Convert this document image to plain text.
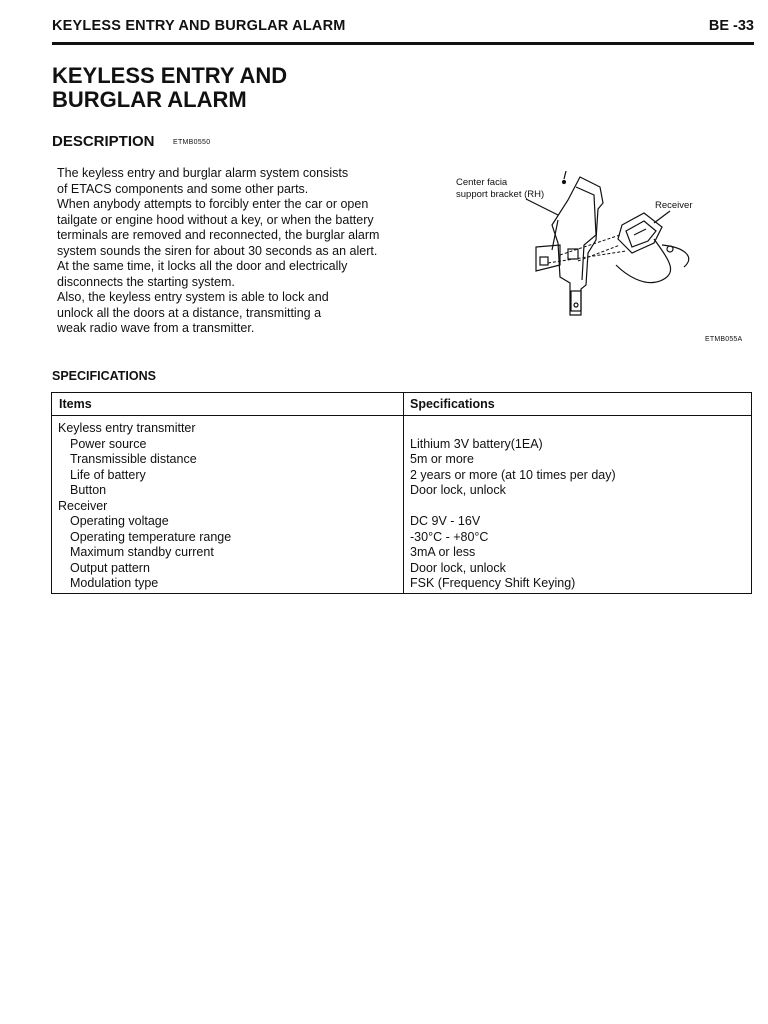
KEYLESS ENTRY AND BURGLAR ALARM	BE -33
KEYLESS ENTRY AND
BURGLAR ALARM
DESCRIPTION	ETMB0550
The keyless entry and burglar alarm system consists
of ETACS components and some other parts.
When anybody attempts to forcibly enter the car or open
tailgate or engine hood without a key, or when the battery
terminals are removed and reconnected, the burglar alarm
system sounds the siren for about 30 seconds as an alert.
At the same time, it locks all the door and electrically
disconnects the starting system.
Also, the keyless entry system is able to lock and
unlock all the doors at a distance, transmitting a
weak radio wave from a transmitter.
Center facia
support bracket (RH)
Receiver
ETMB055A
SPECIFICATIONS
Items	Specifications
Keyless entry transmitter
Power source	Lithium 3V battery(1EA)
Transmissible distance	5m or more
Life of battery	2 years or more (at 10 times per day)
Button	Door lock, unlock
Receiver
Operating voltage	DC 9V - 16V
Operating temperature range	-30°C - +80°C
Maximum standby current	3mA or less
Output pattern	Door lock, unlock
Modulation type	FSK (Frequency Shift Keying)
